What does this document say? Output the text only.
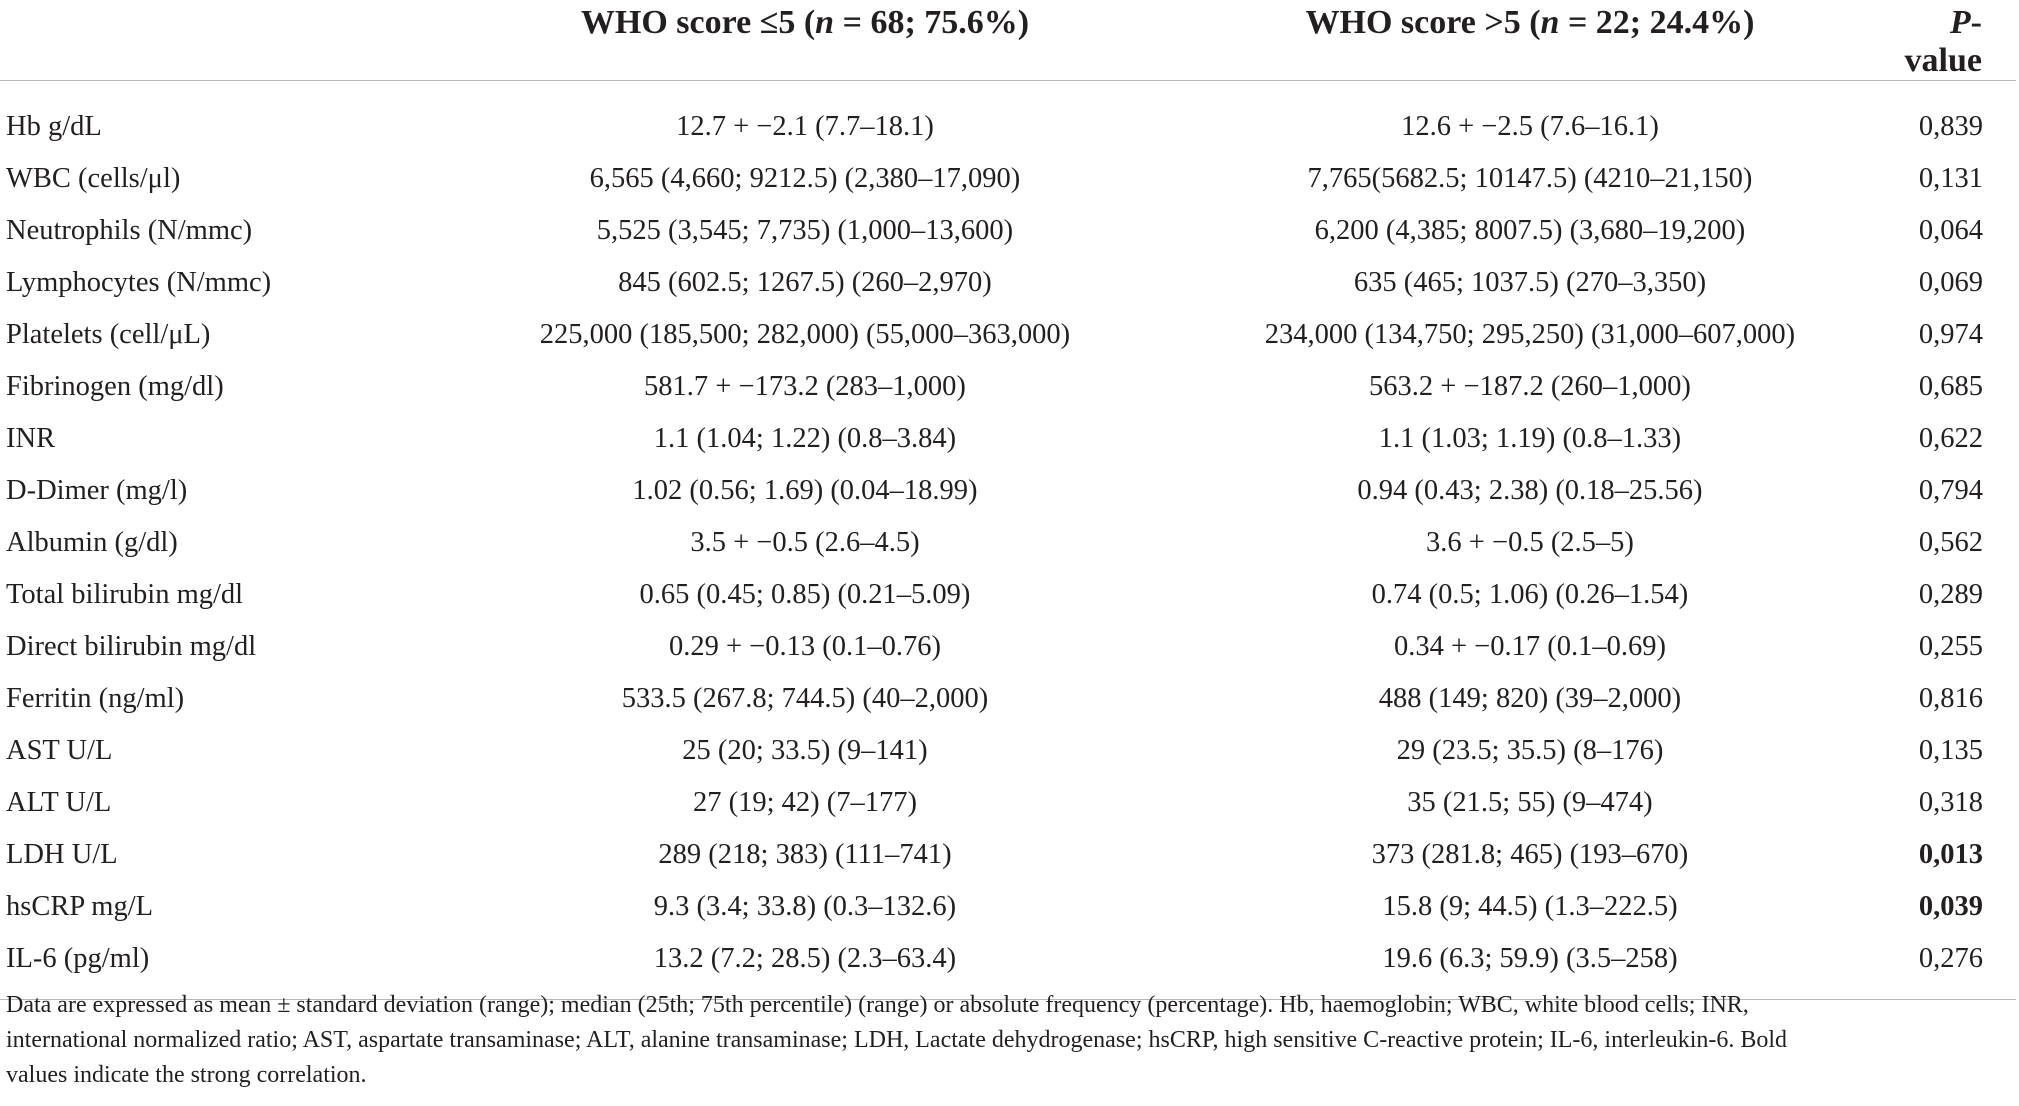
	WHO score ≤5 (n = 68; 75.6%)	WHO score >5 (n = 22; 24.4%)	P-value
Hb g/dL	12.7 + −2.1 (7.7–18.1)	12.6 + −2.5 (7.6–16.1)	0,839
WBC (cells/μl)	6,565 (4,660; 9212.5) (2,380–17,090)	7,765(5682.5; 10147.5) (4210–21,150)	0,131
Neutrophils (N/mmc)	5,525 (3,545; 7,735) (1,000–13,600)	6,200 (4,385; 8007.5) (3,680–19,200)	0,064
Lymphocytes (N/mmc)	845 (602.5; 1267.5) (260–2,970)	635 (465; 1037.5) (270–3,350)	0,069
Platelets (cell/μL)	225,000 (185,500; 282,000) (55,000–363,000)	234,000 (134,750; 295,250) (31,000–607,000)	0,974
Fibrinogen (mg/dl)	581.7 + −173.2 (283–1,000)	563.2 + −187.2 (260–1,000)	0,685
INR	1.1 (1.04; 1.22) (0.8–3.84)	1.1 (1.03; 1.19) (0.8–1.33)	0,622
D-Dimer (mg/l)	1.02 (0.56; 1.69) (0.04–18.99)	0.94 (0.43; 2.38) (0.18–25.56)	0,794
Albumin (g/dl)	3.5 + −0.5 (2.6–4.5)	3.6 + −0.5 (2.5–5)	0,562
Total bilirubin mg/dl	0.65 (0.45; 0.85) (0.21–5.09)	0.74 (0.5; 1.06) (0.26–1.54)	0,289
Direct bilirubin mg/dl	0.29 + −0.13 (0.1–0.76)	0.34 + −0.17 (0.1–0.69)	0,255
Ferritin (ng/ml)	533.5 (267.8; 744.5) (40–2,000)	488 (149; 820) (39–2,000)	0,816
AST U/L	25 (20; 33.5) (9–141)	29 (23.5; 35.5) (8–176)	0,135
ALT U/L	27 (19; 42) (7–177)	35 (21.5; 55) (9–474)	0,318
LDH U/L	289 (218; 383) (111–741)	373 (281.8; 465) (193–670)	0,013
hsCRP mg/L	9.3 (3.4; 33.8) (0.3–132.6)	15.8 (9; 44.5) (1.3–222.5)	0,039
IL-6 (pg/ml)	13.2 (7.2; 28.5) (2.3–63.4)	19.6 (6.3; 59.9) (3.5–258)	0,276
Data are expressed as mean ± standard deviation (range); median (25th; 75th percentile) (range) or absolute frequency (percentage). Hb, haemoglobin; WBC, white blood cells; INR,
international normalized ratio; AST, aspartate transaminase; ALT, alanine transaminase; LDH, Lactate dehydrogenase; hsCRP, high sensitive C-reactive protein; IL-6, interleukin-6. Bold
values indicate the strong correlation.
